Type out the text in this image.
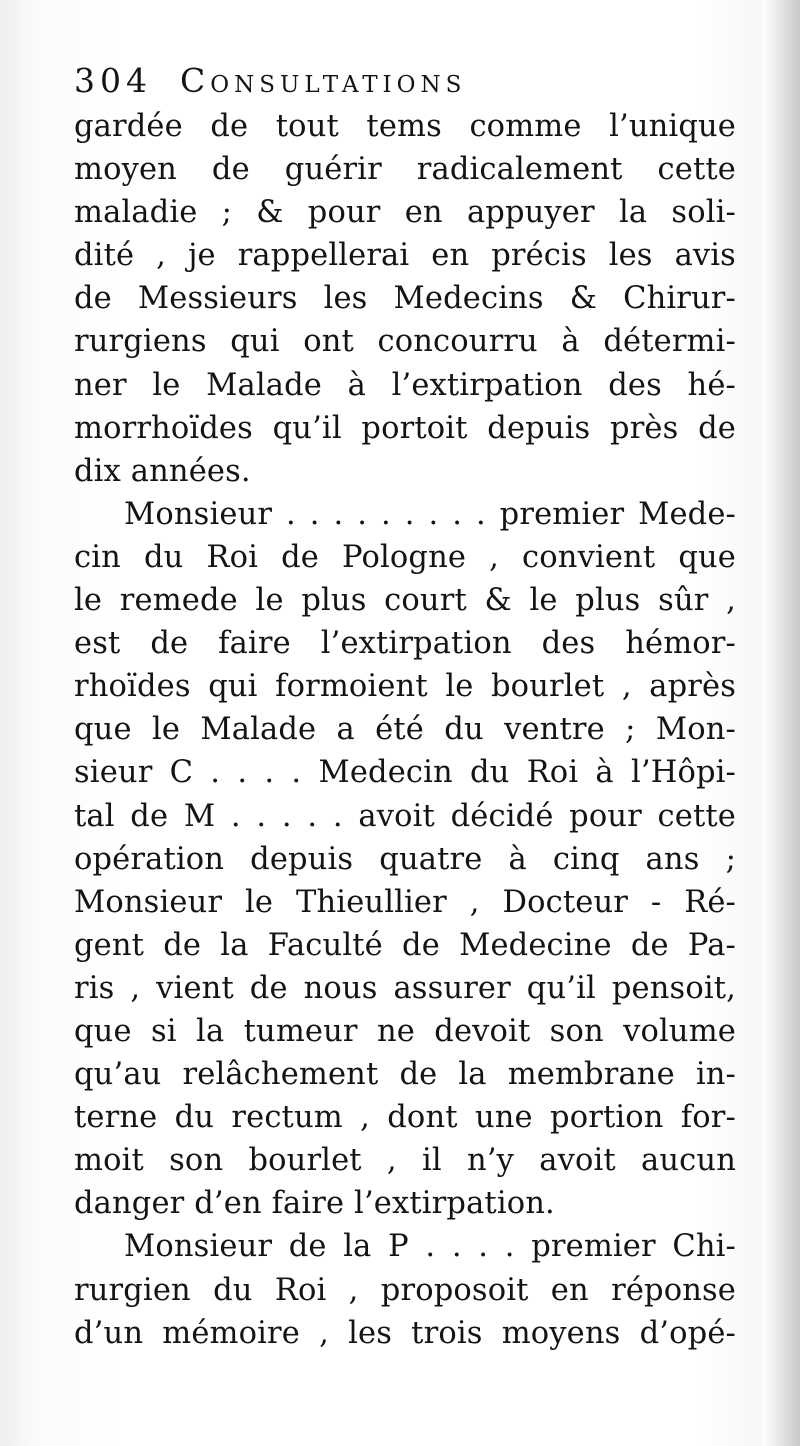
304 Consultations
gardée de tout tems comme l’unique
moyen de guérir radicalement cette
maladie ; & pour en appuyer la soli-
dité , je rappellerai en précis les avis
de Messieurs les Medecins & Chirur-
rurgiens qui ont concourru à détermi-
ner le Malade à l’extirpation des hé-
morrhoïdes qu’il portoit depuis près de
dix années.
Monsieur . . . . . . . . . premier Mede-
cin du Roi de Pologne , convient que
le remede le plus court & le plus sûr ,
est de faire l’extirpation des hémor-
rhoïdes qui formoient le bourlet , après
que le Malade a été du ventre ; Mon-
sieur C . . . . Medecin du Roi à l’Hôpi-
tal de M . . . . . avoit décidé pour cette
opération depuis quatre à cinq ans ;
Monsieur le Thieullier , Docteur - Ré-
gent de la Faculté de Medecine de Pa-
ris , vient de nous assurer qu’il pensoit,
que si la tumeur ne devoit son volume
qu’au relâchement de la membrane in-
terne du rectum , dont une portion for-
moit son bourlet , il n’y avoit aucun
danger d’en faire l’extirpation.
Monsieur de la P . . . . premier Chi-
rurgien du Roi , proposoit en réponse
d’un mémoire , les trois moyens d’opé-
